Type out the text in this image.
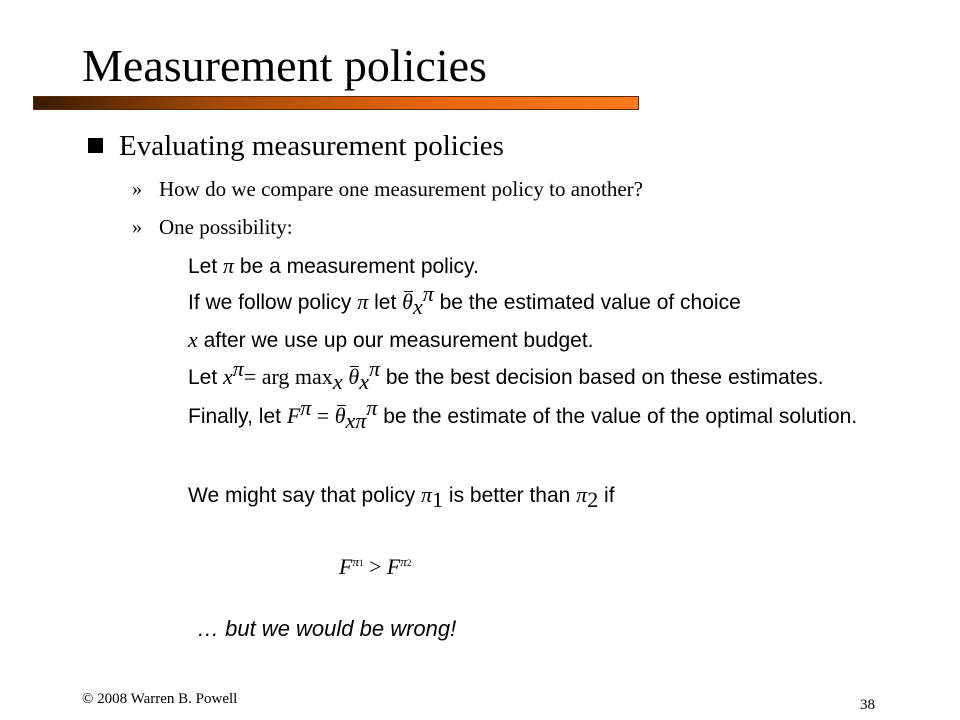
Measurement policies
Evaluating measurement policies
» How do we compare one measurement policy to another?
» One possibility:
Let π be a measurement policy.
If we follow policy π let $\theta_x^\pi$ be the estimated value of choice
x after we use up our measurement budget.
Let $x^\pi=$ arg $\max_x \theta_x^\pi$ be the best decision based on these estimates.
Finally, let $F^\pi = \theta_{x\pi}^\pi$ be the estimate of the value of the optimal solution.
We might say that policy $\pi_1$ is better than $\pi_2$ if
$F^{\pi 1} > F^{\pi 2}$
… but we would be wrong!
© 2008 Warren B. Powell	38
